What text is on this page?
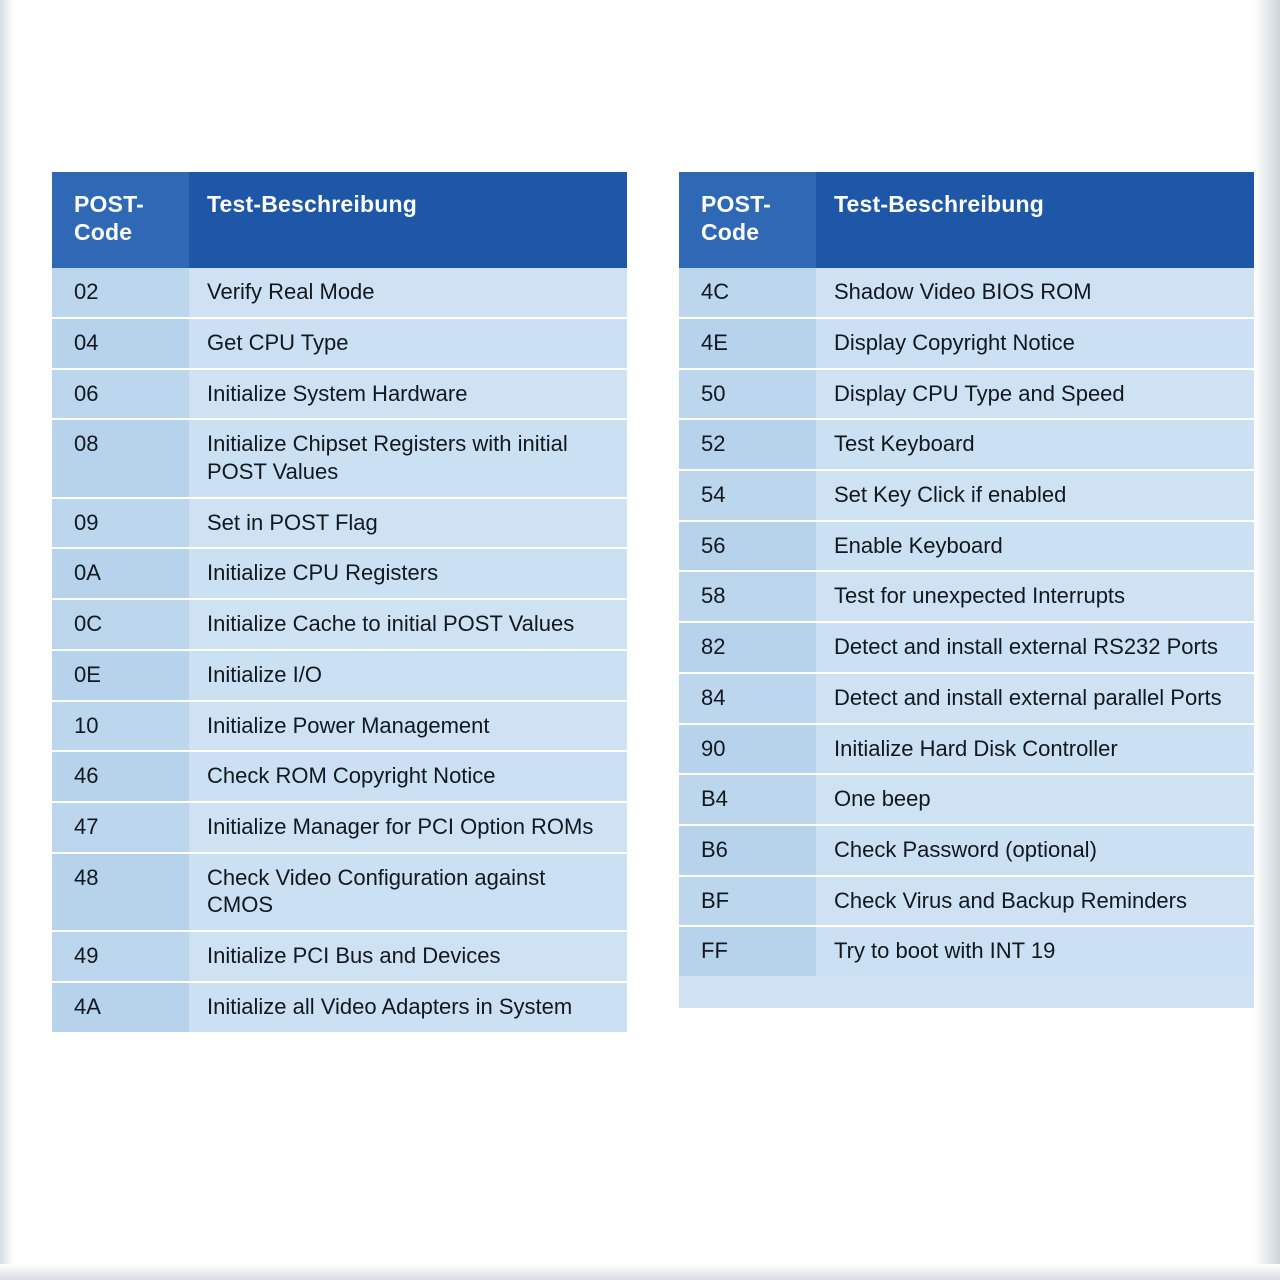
POST-
Code	Test-Beschreibung
02	Verify Real Mode
04	Get CPU Type
06	Initialize System Hardware
08	Initialize Chipset Registers with initial POST Values
09	Set in POST Flag
0A	Initialize CPU Registers
0C	Initialize Cache to initial POST Values
0E	Initialize I/O
10	Initialize Power Management
46	Check ROM Copyright Notice
47	Initialize Manager for PCI Option ROMs
48	Check Video Configuration against CMOS
49	Initialize PCI Bus and Devices
4A	Initialize all Video Adapters in System
POST-
Code	Test-Beschreibung
4C	Shadow Video BIOS ROM
4E	Display Copyright Notice
50	Display CPU Type and Speed
52	Test Keyboard
54	Set Key Click if enabled
56	Enable Keyboard
58	Test for unexpected Interrupts
82	Detect and install external RS232 Ports
84	Detect and install external parallel Ports
90	Initialize Hard Disk Controller
B4	One beep
B6	Check Password (optional)
BF	Check Virus and Backup Reminders
FF	Try to boot with INT 19
